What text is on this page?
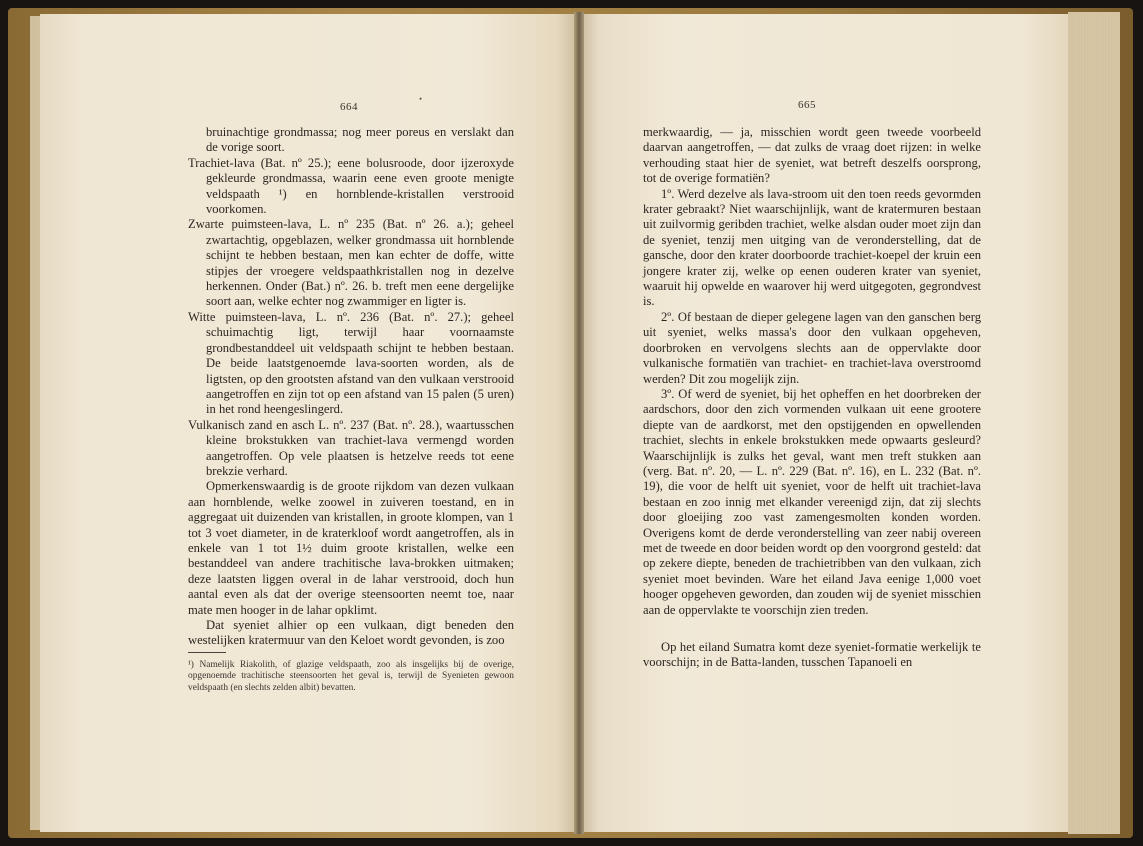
•
664

bruinachtige grondmassa; nog meer poreus en verslakt dan de vorige soort.

Trachiet-lava (Bat. nº 25.); eene bolusroode, door ijzeroxyde gekleurde grondmassa, waarin eene even groote menigte veldspaath ¹) en hornblende-kristallen verstrooid voorkomen.

Zwarte puimsteen-lava, L. nº 235 (Bat. nº 26. a.); geheel zwartachtig, opgeblazen, welker grondmassa uit hornblende schijnt te hebben bestaan, men kan echter de doffe, witte stipjes der vroegere veldspaathkristallen nog in dezelve herkennen. Onder (Bat.) nº. 26. b. treft men eene dergelijke soort aan, welke echter nog zwammiger en ligter is.

Witte puimsteen-lava, L. nº. 236 (Bat. nº. 27.); geheel schuimachtig ligt, terwijl haar voornaamste grondbestanddeel uit veldspaath schijnt te hebben bestaan. De beide laatstgenoemde lava-soorten worden, als de ligtsten, op den grootsten afstand van den vulkaan verstrooid aangetroffen en zijn tot op een afstand van 15 palen (5 uren) in het rond heengeslingerd.

Vulkanisch zand en asch L. nº. 237 (Bat. nº. 28.), waartusschen kleine brokstukken van trachiet-lava vermengd worden aangetroffen. Op vele plaatsen is hetzelve reeds tot eene brekzie verhard.

Opmerkenswaardig is de groote rijkdom van dezen vulkaan aan hornblende, welke zoowel in zuiveren toestand, en in aggregaat uit duizenden van kristallen, in groote klompen, van 1 tot 3 voet diameter, in de kraterkloof wordt aangetroffen, als in enkele van 1 tot 1½ duim groote kristallen, welke een bestanddeel van andere trachitische lava-brokken uitmaken; deze laatsten liggen overal in de lahar verstrooid, doch hun aantal even als dat der overige steensoorten neemt toe, naar mate men hooger in de lahar opklimt.

Dat syeniet alhier op een vulkaan, digt beneden den westelijken kratermuur van den Keloet wordt gevonden, is zoo

¹) Namelijk Riakolith, of glazige veldspaath, zoo als insgelijks bij de overige, opgenoemde trachitische steensoorten het geval is, terwijl de Syenieten gewoon veldspaath (en slechts zelden albit) bevatten.
665

merkwaardig, — ja, misschien wordt geen tweede voorbeeld daarvan aangetroffen, — dat zulks de vraag doet rijzen: in welke verhouding staat hier de syeniet, wat betreft deszelfs oorsprong, tot de overige formatiën?

1º. Werd dezelve als lava-stroom uit den toen reeds gevormden krater gebraakt? Niet waarschijnlijk, want de kratermuren bestaan uit zuilvormig geribden trachiet, welke alsdan ouder moet zijn dan de syeniet, tenzij men uitging van de veronderstelling, dat de gansche, door den krater doorboorde trachiet-koepel der kruin een jongere krater zij, welke op eenen ouderen krater van syeniet, waaruit hij opwelde en waarover hij werd uitgegoten, gegrondvest is.

2º. Of bestaan de dieper gelegene lagen van den ganschen berg uit syeniet, welks massa's door den vulkaan opgeheven, doorbroken en vervolgens slechts aan de oppervlakte door vulkanische formatiën van trachiet- en trachiet-lava overstroomd werden? Dit zou mogelijk zijn.

3º. Of werd de syeniet, bij het opheffen en het doorbreken der aardschors, door den zich vormenden vulkaan uit eene grootere diepte van de aardkorst, met den opstijgenden en opwellenden trachiet, slechts in enkele brokstukken mede opwaarts gesleurd? Waarschijnlijk is zulks het geval, want men treft stukken aan (verg. Bat. nº. 20, — L. nº. 229 (Bat. nº. 16), en L. 232 (Bat. nº. 19), die voor de helft uit syeniet, voor de helft uit trachiet-lava bestaan en zoo innig met elkander vereenigd zijn, dat zij slechts door gloeijing zoo vast zamengesmolten konden worden. Overigens komt de derde veronderstelling van zeer nabij overeen met de tweede en door beiden wordt op den voorgrond gesteld: dat op zekere diepte, beneden de trachietribben van den vulkaan, zich syeniet moet bevinden. Ware het eiland Java eenige 1,000 voet hooger opgeheven geworden, dan zouden wij de syeniet misschien aan de oppervlakte te voorschijn zien treden.

Op het eiland Sumatra komt deze syeniet-formatie werkelijk te voorschijn; in de Batta-landen, tusschen Tapanoeli en
